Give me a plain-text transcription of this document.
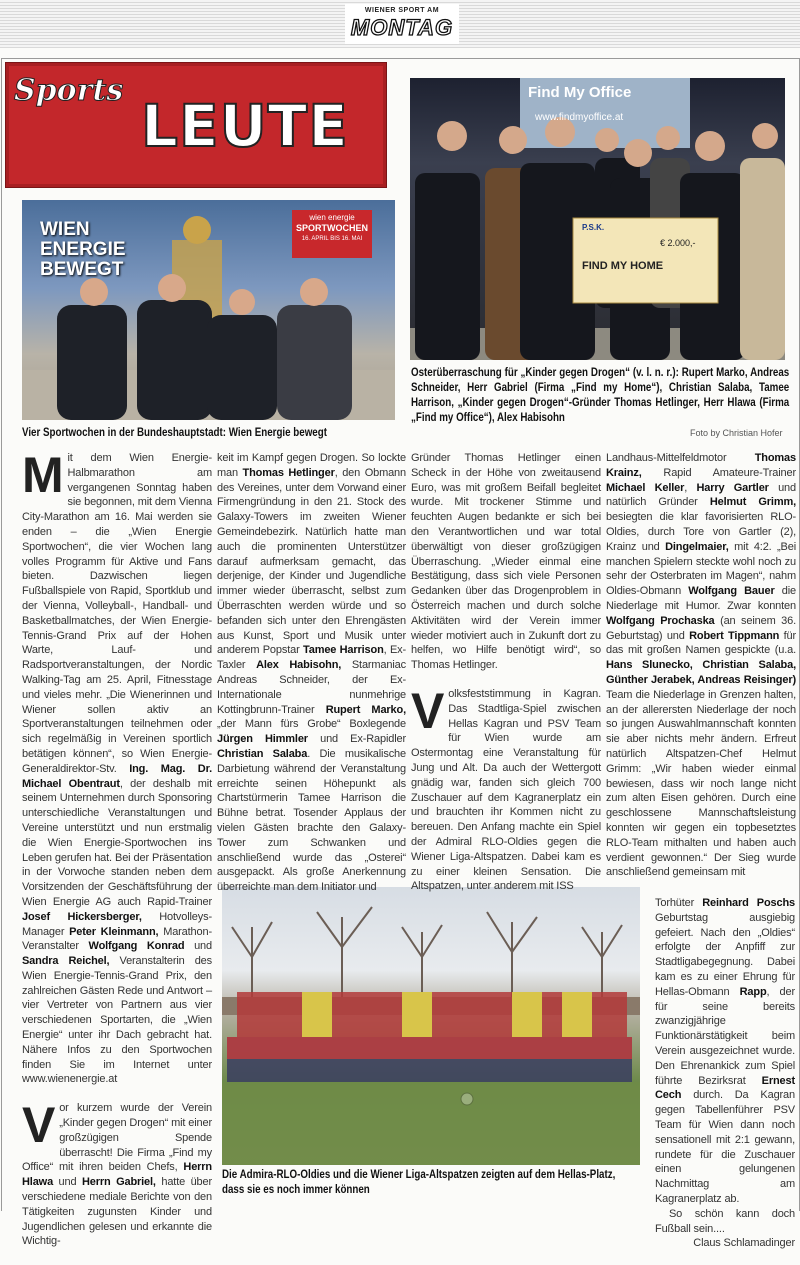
WIENER SPORT AM
MONTAG
Sports
LEUTE
WIEN ENERGIE BEWEGT
wien energie
SPORTWOCHEN
16. APRIL BIS 16. MAI
Vier Sportwochen in der Bundeshauptstadt: Wien Energie bewegt
Find My Office
www.findmyoffice.at
P.S.K.
€ 2.000,-
FIND MY HOME
Osterüberraschung für „Kinder gegen Drogen“ (v. l. n. r.): Rupert Marko, Andreas Schneider, Herr Gabriel (Firma „Find my Home“), Christian Salaba, Tamee Harrison, „Kinder gegen Drogen“-Gründer Thomas Hetlinger, Herr Hlawa (Firma „Find my Office“), Alex Habisohn
Foto by Christian Hofer
Die Admira-RLO-Oldies und die Wiener Liga-Altspatzen zeigten auf dem Hellas-Platz, dass sie es noch immer können

Mit dem Wien Energie-Halbmarathon am vergangenen Sonntag haben sie begonnen, mit dem Vienna City-Marathon am 16. Mai werden sie enden – die „Wien Energie Sportwochen“, die vier Wochen lang volles Programm für Aktive und Fans bieten. Dazwischen liegen Fußballspiele von Rapid, Sportklub und der Vienna, Volleyball-, Handball- und Basketballmatches, der Wien Energie-Tennis-Grand Prix auf der Hohen Warte, Lauf- und Radsportveranstaltungen, der Nordic Walking-Tag am 25. April, Fitnesstage und vieles mehr. „Die Wienerinnen und Wiener sollen aktiv an Sportveranstaltungen teilnehmen oder sich regelmäßig in Vereinen sportlich betätigen können“, so Wien Energie-Generaldirektor-Stv. Ing. Mag. Dr. Michael Obentraut, der deshalb mit seinem Unternehmen durch Sponsoring unterschiedliche Veranstaltungen und Vereine unterstützt und nun erstmalig die Wien Energie-Sportwochen ins Leben gerufen hat. Bei der Präsentation in der Vorwoche standen neben dem Vorsitzenden der Geschäftsführung der Wien Energie AG auch Rapid-Trainer Josef Hickersberger, Hotvolleys-Manager Peter Kleinmann, Marathon-Veranstalter Wolfgang Konrad und Sandra Reichel, Veranstalterin des Wien Energie-Tennis-Grand Prix, den zahlreichen Gästen Rede und Antwort – vier Vertreter von Partnern aus vier verschiedenen Sportarten, die „Wien Energie“ unter ihr Dach gebracht hat. Nähere Infos zu den Sportwochen finden Sie im Internet unter www.wienenergie.at

Vor kurzem wurde der Verein „Kinder gegen Drogen“ mit einer großzügigen Spende überrascht! Die Firma „Find my Office“ mit ihren beiden Chefs, Herrn Hlawa und Herrn Gabriel, hatte über verschiedene mediale Berichte von den Tätigkeiten zugunsten Kinder und Jugendlichen gelesen und erkannte die Wichtig-

keit im Kampf gegen Drogen. So lockte man Thomas Hetlinger, den Obmann des Vereines, unter dem Vorwand einer Firmengründung in den 21. Stock des Galaxy-Towers im zweiten Wiener Gemeindebezirk. Natürlich hatte man auch die prominenten Unterstützer darauf aufmerksam gemacht, das derjenige, der Kinder und Jugendliche immer wieder überrascht, selbst zum Überraschten werden würde und so befanden sich unter den Ehrengästen aus Kunst, Sport und Musik unter anderem Popstar Tamee Harrison, Ex-Taxler Alex Habisohn, Starmaniac Andreas Schneider, der Ex-Internationale nunmehrige Kottingbrunn-Trainer Rupert Marko, „der Mann fürs Grobe“ Boxlegende Jürgen Himmler und Ex-Rapidler Christian Salaba. Die musikalische Darbietung während der Veranstaltung erreichte seinen Höhepunkt als Chartstürmerin Tamee Harrison die Bühne betrat. Tosender Applaus der vielen Gästen brachte den Galaxy-Tower zum Schwanken und anschließend wurde das „Osterei“ ausgepackt. Als große Anerkennung überreichte man dem Initiator und

Gründer Thomas Hetlinger einen Scheck in der Höhe von zweitausend Euro, was mit großem Beifall begleitet wurde. Mit trockener Stimme und feuchten Augen bedankte er sich bei den Verantwortlichen und war total überwältigt von dieser großzügigen Überraschung. „Wieder einmal eine Bestätigung, dass sich viele Personen Gedanken über das Drogenproblem in Österreich machen und durch solche Aktivitäten wird der Verein immer wieder motiviert auch in Zukunft dort zu helfen, wo Hilfe benötigt wird“, so Thomas Hetlinger.

Volksfeststimmung in Kagran. Das Stadtliga-Spiel zwischen Hellas Kagran und PSV Team für Wien wurde am Ostermontag eine Veranstaltung für Jung und Alt. Da auch der Wettergott gnädig war, fanden sich gleich 700 Zuschauer auf dem Kagranerplatz ein und brauchten ihr Kommen nicht zu bereuen. Den Anfang machte ein Spiel der Admiral RLO-Oldies gegen die Wiener Liga-Altspatzen. Dabei kam es zu einer kleinen Sensation. Die Altspatzen, unter anderem mit ISS

Landhaus-Mittelfeldmotor Thomas Krainz, Rapid Amateure-Trainer Michael Keller, Harry Gartler und natürlich Gründer Helmut Grimm, besiegten die klar favorisierten RLO-Oldies, durch Tore von Gartler (2), Krainz und Dingelmaier, mit 4:2. „Bei manchen Spielern steckte wohl noch zu sehr der Osterbraten im Magen“, nahm Oldies-Obmann Wolfgang Bauer die Niederlage mit Humor. Zwar konnten Wolfgang Prochaska (an seinem 36. Geburtstag) und Robert Tippmann für das mit großen Namen gespickte (u.a. Hans Slunecko, Christian Salaba, Günther Jerabek, Andreas Reisinger) Team die Niederlage in Grenzen halten, an der allerersten Niederlage der noch so jungen Auswahlmannschaft konnten sie aber nichts mehr ändern. Erfreut natürlich Altspatzen-Chef Helmut Grimm: „Wir haben wieder einmal bewiesen, dass wir noch lange nicht zum alten Eisen gehören. Durch eine geschlossene Mannschaftsleistung konnten wir gegen ein topbesetztes RLO-Team mithalten und haben auch verdient gewonnen.“ Der Sieg wurde anschließend gemeinsam mit

Torhüter Reinhard Poschs Geburtstag ausgiebig gefeiert. Nach den „Oldies“ erfolgte der Anpfiff zur Stadtligabegegnung. Dabei kam es zu einer Ehrung für Hellas-Obmann Rapp, der für seine bereits zwanzigjährige Funktionärstätigkeit beim Verein ausgezeichnet wurde. Den Ehrenankick zum Spiel führte Bezirksrat Ernest Cech durch. Da Kagran gegen Tabellenführer PSV Team für Wien dann noch sensationell mit 2:1 gewann, rundete für die Zuschauer einen gelungenen Nachmittag am Kagranerplatz ab.

So schön kann doch Fußball sein....

Claus Schlamadinger
